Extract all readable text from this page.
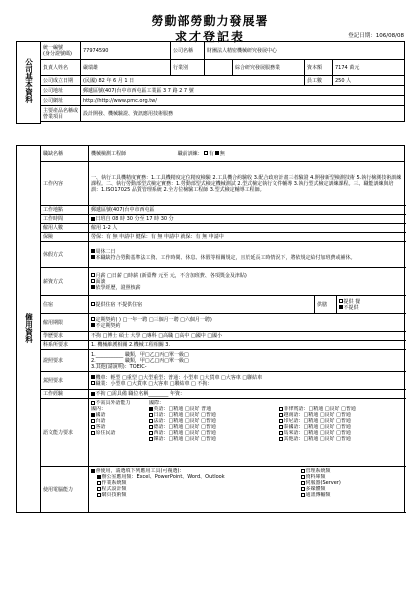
勞動部勞動力發展署
求才登記表	登記日期：106/08/08
公司基本資料	統一編號
(身分證號碼)	77974590	公司名稱	財團法人精密機械研究發展中心			
	負責人姓名	嚴瑞雄	行業別		綜合研究發展服務業	資本額	7174 萬元
	公司成立日期	(民國) 82 年 6 月 1 日				員工數	250 人
	公司地址	郵遞區號(407)台中市西屯區工業區 3 7 路 2 7 號					
	公司網址	http://http://www.pmc.org.tw/					
	主要產品名稱或營業項目	設計開發、機械驗證、資訊應用技術服務					

僱用資料	職缺名稱	機械檢測工程師	職前訓練： 有 無	
工作內容	一、執行工具機精度實務：1.工具機精度定位精度檢驗 2.工具機合約驗收 3.配合政府計畫三者驗證 4.開發新型檢測技術 5.執行檢測技術訓練課程。二、執行勞動部型式檢定實務：1.勞動部型式檢定機械測試 2.型式檢定執行文件輔導 3.執行型式檢定訓練課程。三、職能訓練與培訓：1.ISO17025 品質管理系統 2.全方位檢驗工程師 3.型式檢定輔導工程師。
工作地點	郵遞區號(407)台中市西屯區
工作時間	日班自 08 時 30 分至 17 時 30 分
僱用人數	僱用 1-2 人
保險	勞保：有 無 申請中 健保：有 無 申請中 就保：有 無 申請中
休假方式	周休二日
本職缺符合勞動基準法工資、工作時間、休息、休假等相關規定，且於延長工時情況下，將依規定給付加班費或補休。

薪資方式	
月薪 □日薪 □時薪 (新臺幣 元至 元，不含加班費、各項獎金及津貼)
面談
依學經歷，證照核薪

住宿	提供住宿 不提供住宿	供膳	提供 餐
不提供

僱用期限	定期契約( ) □一年一聘 □三個月一聘 □六個月一聘)
不定期契約

學歷要求	不拘 □博士 碩士 大學 □專科 □高職 □高中 □國中 □國小
科系所要求	1. 機械維護相關 2.機械工程相關 3.
證照要求	
1.___________ 職類，甲□乙□丙□單一級□
2.___________ 職類，甲□乙□丙□單一級□
3.其他(請說明)：TOEIC-

駕照要求	機車：輕型 □重型 □大型重型；普通：小型車 □大貨車 □大客車 □聯結車
職業：小型車 □大貨車 □大客車 □聯結車 □ 不拘：

工作經驗	不拘 □需具備 職位名稱________ 年資：
語文能力要求	
不需具外語能力	國際：		
國內：	英語：□精通 □良好 普通		菲律賓語：□精通 □良好 □普通
國語	日語：□精通 □良好 □普通		越南語：□精通 □良好 □普通
台語	法語：□精通 □良好 □普通		印尼語：□精通 □良好 □普通
客語	德語：□精通 □良好 □普通		泰國語：□精通 □良好 □普通
原住民語	西語：□精通 □良好 □普通		馬來語：□精通 □良好 □普通
	韓語：□精通 □良好 □普通		其他語：□精通 □良好 □普通

使用電腦能力	
會使用，請選填下列應用工具(可複選)：	管理系統類
辦公室應用類：Excel、PowerPoint、Word、Outlook	資料庫類
作業系統類	伺服器(Server)
程式設計類	多媒體類
網頁技術類	通訊傳輸類
